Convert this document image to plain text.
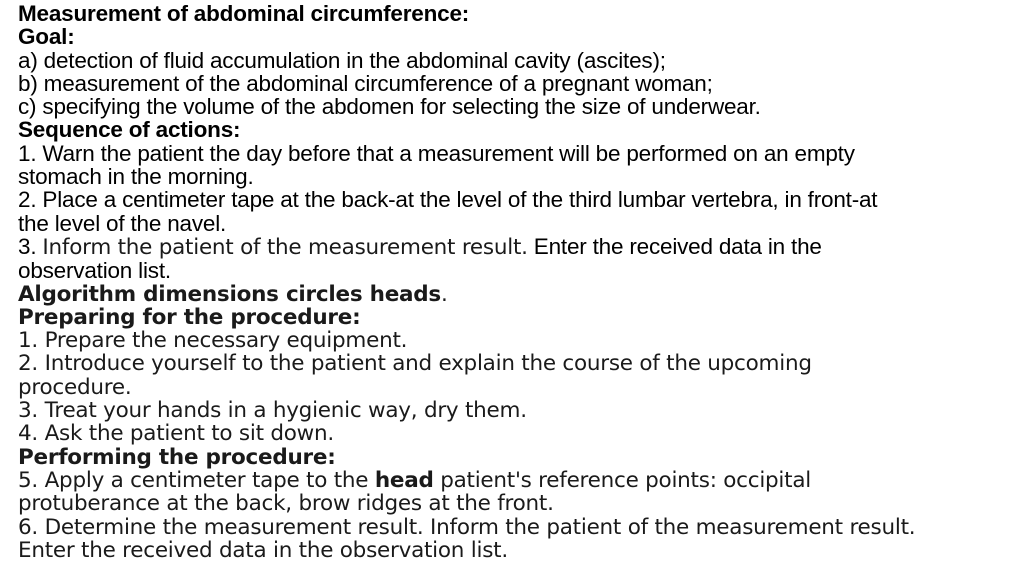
Measurement of abdominal circumference:
Goal:
a) detection of fluid accumulation in the abdominal cavity (ascites);
b) measurement of the abdominal circumference of a pregnant woman;
c) specifying the volume of the abdomen for selecting the size of underwear.
Sequence of actions:
1. Warn the patient the day before that a measurement will be performed on an empty
stomach in the morning.
2. Place a centimeter tape at the back-at the level of the third lumbar vertebra, in front-at
the level of the navel.
3. Inform the patient of the measurement result. Enter the received data in the
observation list.
Algorithm dimensions circles heads.
Preparing for the procedure:
1. Prepare the necessary equipment.
2. Introduce yourself to the patient and explain the course of the upcoming
procedure.
3. Treat your hands in a hygienic way, dry them.
4. Ask the patient to sit down.
Performing the procedure:
5. Apply a centimeter tape to the head patient's reference points: occipital
protuberance at the back, brow ridges at the front.
6. Determine the measurement result. Inform the patient of the measurement result.
Enter the received data in the observation list.
